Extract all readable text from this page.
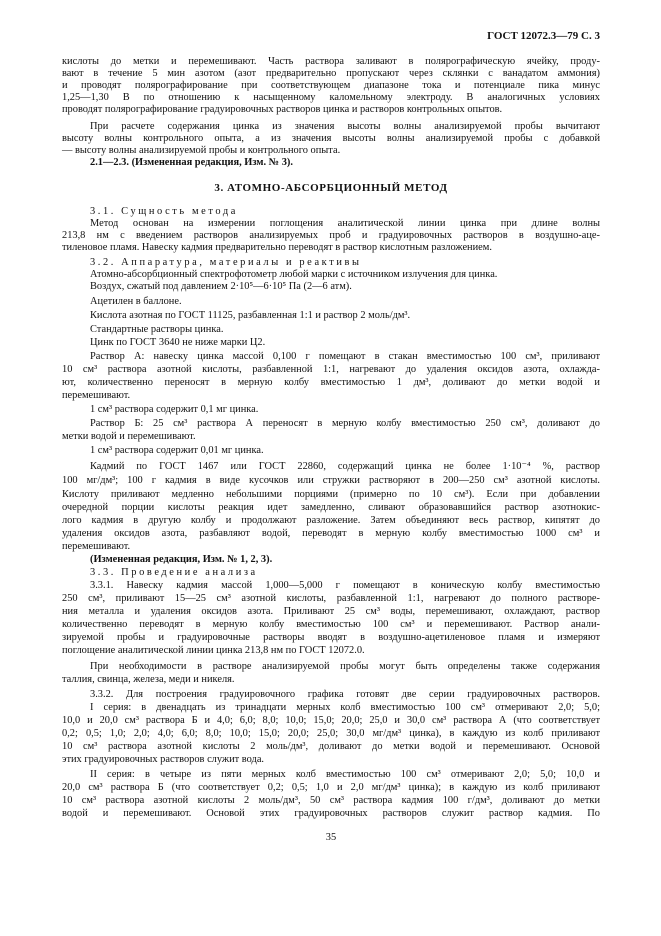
ГОСТ 12072.3—79 С. 3
кислоты до метки и перемешивают. Часть раствора заливают в полярографическую ячейку, проду-
вают в течение 5 мин азотом (азот предварительно пропускают через склянки с ванадатом аммония)
и проводят полярографирование при соответствующем диапазоне тока и потенциале пика минус
1,25—1,30 В по отношению к насыщенному каломельному электроду. В аналогичных условиях
проводят полярографирование градуировочных растворов цинка и растворов контрольных опытов.
При расчете содержания цинка из значения высоты волны анализируемой пробы вычитают
высоту волны контрольного опыта, а из значения высоты волны анализируемой пробы с добавкой
— высоту волны анализируемой пробы и контрольного опыта.
2.1—2.3. (Измененная редакция, Изм. № 3).
3. АТОМНО-АБСОРБЦИОННЫЙ МЕТОД
3.1. Сущность метода
Метод основан на измерении поглощения аналитической линии цинка при длине волны
213,8 нм с введением растворов анализируемых проб и градуировочных растворов в воздушно-аце-
тиленовое пламя. Навеску кадмия предварительно переводят в раствор кислотным разложением.
3.2. Аппаратура, материалы и реактивы
Атомно-абсорбционный спектрофотометр любой марки с источником излучения для цинка.
Воздух, сжатый под давлением 2·10⁵—6·10⁵ Па (2—6 атм).
Ацетилен в баллоне.
Кислота азотная по ГОСТ 11125, разбавленная 1:1 и раствор 2 моль/дм³.
Стандартные растворы цинка.
Цинк по ГОСТ 3640 не ниже марки Ц2.
Раствор А: навеску цинка массой 0,100 г помещают в стакан вместимостью 100 см³, приливают
10 см³ раствора азотной кислоты, разбавленной 1:1, нагревают до удаления оксидов азота, охлаждa-
ют, количественно переносят в мерную колбу вместимостью 1 дм³, доливают до метки водой и
перемешивают.
1 см³ раствора содержит 0,1 мг цинка.
Раствор Б: 25 см³ раствора А переносят в мерную колбу вместимостью 250 см³, доливают до
метки водой и перемешивают.
1 см³ раствора содержит 0,01 мг цинка.
Кадмий по ГОСТ 1467 или ГОСТ 22860, содержащий цинка не более 1·10⁻⁴ %, раствор
100 мг/дм³; 100 г кадмия в виде кусочков или стружки растворяют в 200—250 см³ азотной кислоты.
Кислоту приливают медленно небольшими порциями (примерно по 10 см³). Если при добавлении
очередной порции кислоты реакция идет замедленно, сливают образовавшийся раствор азотнокис-
лого кадмия в другую колбу и продолжают разложение. Затем объединяют весь раствор, кипятят до
удаления оксидов азота, разбавляют водой, переводят в мерную колбу вместимостью 1000 см³ и
перемешивают.
(Измененная редакция, Изм. № 1, 2, 3).
3.3. Проведение анализа
3.3.1. Навеску кадмия массой 1,000—5,000 г помещают в коническую колбу вместимостью
250 см³, приливают 15—25 см³ азотной кислоты, разбавленной 1:1, нагревают до полного растворе-
ния металла и удаления оксидов азота. Приливают 25 см³ воды, перемешивают, охлаждают, раствор
количественно переводят в мерную колбу вместимостью 100 см³ и перемешивают. Раствор анали-
зируемой пробы и градуировочные растворы вводят в воздушно-ацетиленовое пламя и измеряют
поглощение аналитической линии цинка 213,8 нм по ГОСТ 12072.0.
При необходимости в растворе анализируемой пробы могут быть определены также содержания
таллия, свинца, железа, меди и никеля.
3.3.2. Для построения градуировочного графика готовят две серии градуировочных растворов.
I серия: в двенадцать из тринадцати мерных колб вместимостью 100 см³ отмеривают 2,0; 5,0;
10,0 и 20,0 см³ раствора Б и 4,0; 6,0; 8,0; 10,0; 15,0; 20,0; 25,0 и 30,0 см³ раствора А (что соответствует
0,2; 0,5; 1,0; 2,0; 4,0; 6,0; 8,0; 10,0; 15,0; 20,0; 25,0; 30,0 мг/дм³ цинка), в каждую из колб приливают
10 см³ раствора азотной кислоты 2 моль/дм³, доливают до метки водой и перемешивают. Основой
этих градуировочных растворов служит вода.
II серия: в четыре из пяти мерных колб вместимостью 100 см³ отмеривают 2,0; 5,0; 10,0 и
20,0 см³ раствора Б (что соответствует 0,2; 0,5; 1,0 и 2,0 мг/дм³ цинка); в каждую из колб приливают
10 см³ раствора азотной кислоты 2 моль/дм³, 50 см³ раствора кадмия 100 г/дм³, доливают до метки
водой и перемешивают. Основой этих градуировочных растворов служит раствор кадмия. По
35
